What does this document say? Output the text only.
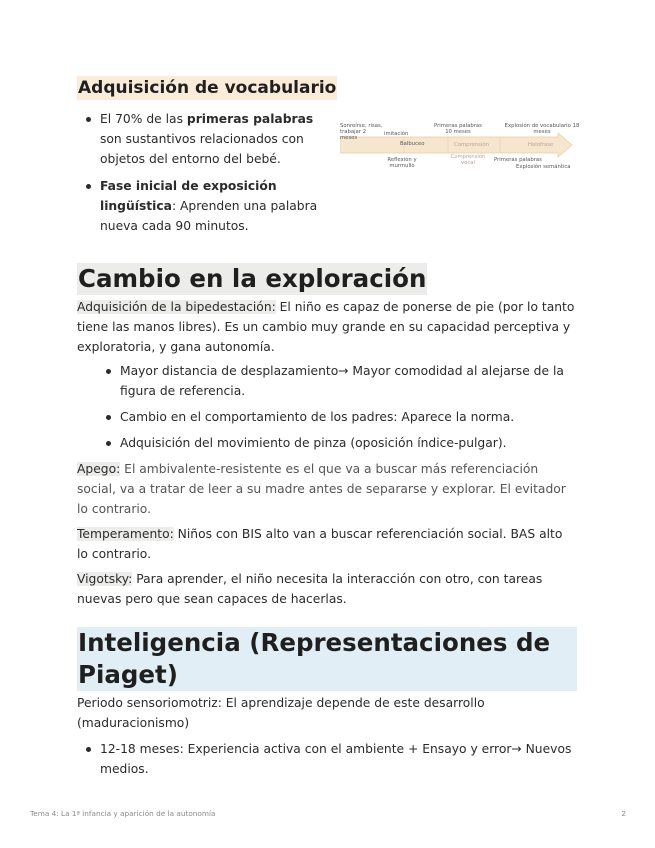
Adquisición de vocabulario
El 70% de las primeras palabras son sustantivos relacionados con objetos del entorno del bebé.
Fase inicial de exposición lingüística: Aprenden una palabra nueva cada 90 minutos.
Sonreírse, risas, trabajar 2 meses
Primeras palabras 10 meses
Explosión de vocabulario 18 meses
imitación
Balbuceo	Comprensión	Holofrase
Reflexión y murmullo
Comprensión vocal	Primeras palabras
Explosión semántica
Cambio en la exploración

Adquisición de la bipedestación: El niño es capaz de ponerse de pie (por lo tanto tiene las manos libres). Es un cambio muy grande en su capacidad perceptiva y exploratoria, y gana autonomía.

Mayor distancia de desplazamiento→ Mayor comodidad al alejarse de la figura de referencia.
Cambio en el comportamiento de los padres: Aparece la norma.
Adquisición del movimiento de pinza (oposición índice-pulgar).

Apego: El ambivalente-resistente es el que va a buscar más referenciación social, va a tratar de leer a su madre antes de separarse y explorar. El evitador lo contrario.

Temperamento: Niños con BIS alto van a buscar referenciación social. BAS alto lo contrario.

Vigotsky: Para aprender, el niño necesita la interacción con otro, con tareas nuevas pero que sean capaces de hacerlas.

Inteligencia (Representaciones de Piaget)

Periodo sensoriomotriz: El aprendizaje depende de este desarrollo (maduracionismo)

12-18 meses: Experiencia activa con el ambiente + Ensayo y error→ Nuevos medios.
Tema 4: La 1ª infancia y aparición de la autonomía	2
